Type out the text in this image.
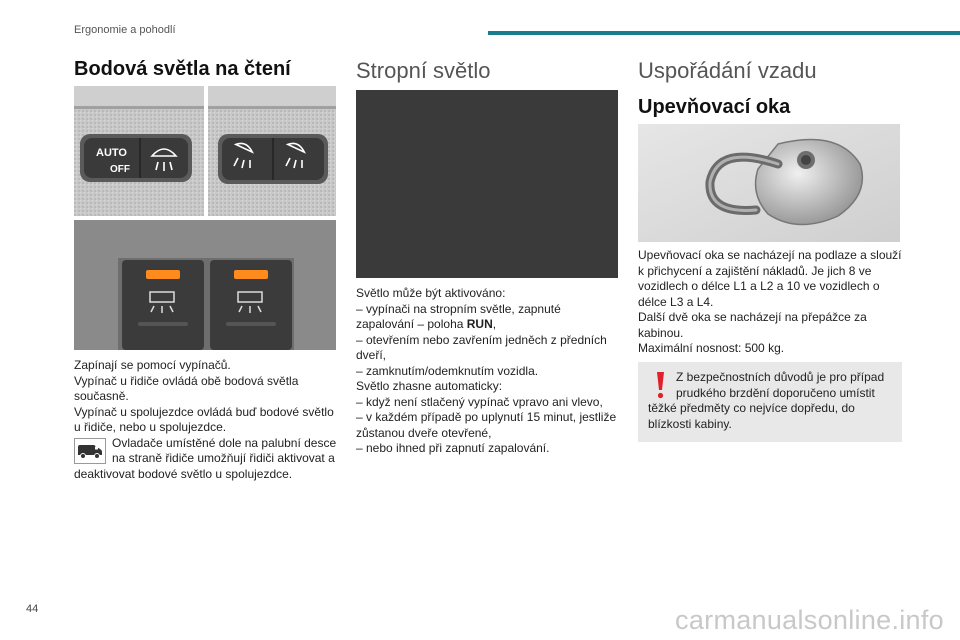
Ergonomie a pohodlí
Bodová světla na čtení
AUTO
OFF

Zapínají se pomocí vypínačů.

Vypínač u řidiče ovládá obě bodová světla současně.

Vypínač u spolujezdce ovládá buď bodové světlo u řidiče, nebo u spolujezdce.

Ovladače umístěné dole na palubní desce na straně řidiče umožňují řidiči aktivovat a deaktivovat bodové světlo u spolujezdce.

Stropní světlo

Světlo může být aktivováno:

– vypínači na stropním světle, zapnuté zapalování – poloha RUN,

– otevřením nebo zavřením jedněch z předních dveří,

– zamknutím/odemknutím vozidla.

Světlo zhasne automaticky:

– když není stlačený vypínač vpravo ani vlevo,

– v každém případě po uplynutí 15 minut, jestliže zůstanou dveře otevřené,

– nebo ihned při zapnutí zapalování.

Uspořádání vzadu
Upevňovací oka

Upevňovací oka se nacházejí na podlaze a slouží k přichycení a zajištění nákladů. Je jich 8 ve vozidlech o délce L1 a L2 a 10 ve vozidlech o délce L3 a L4.

Další dvě oka se nacházejí na přepážce za kabinou.

Maximální nosnost: 500 kg.

Z bezpečnostních důvodů je pro případ prudkého brzdění doporučeno umístit těžké předměty co nejvíce dopředu, do blízkosti kabiny.

44	carmanualsonline.info
